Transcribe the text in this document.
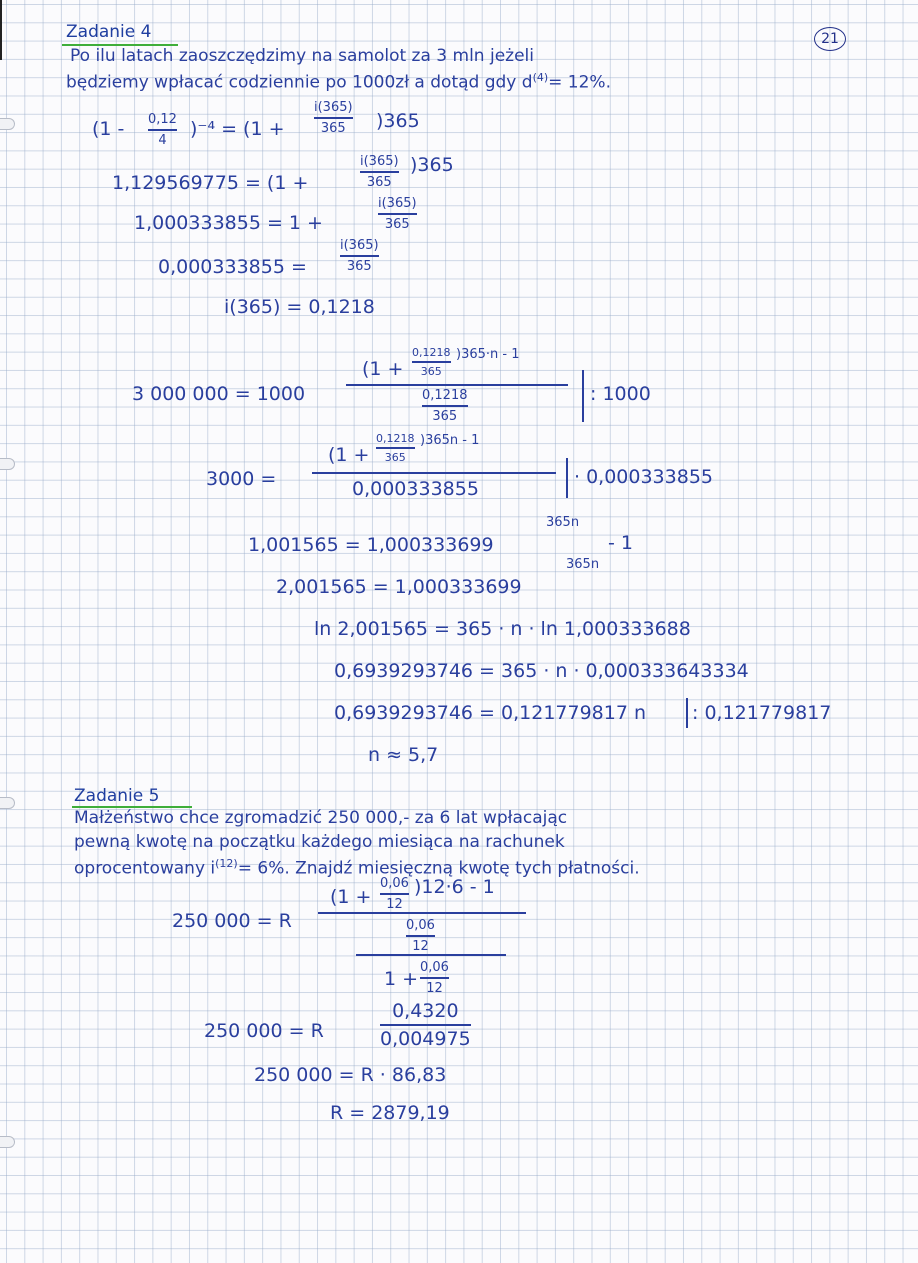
21
Zadanie 4
Po ilu latach zaoszczędzimy na samolot za 3 mln jeżeli
będziemy wpłacać codziennie po 1000zł a dotąd gdy $d^{(4)}= 12\%$.
(1 - 0,12
4 )⁻⁴ = (1 +
i(365)
365 )365
1,129569775 = (1 +
i(365)
365
)365
1,000333855 = 1 +
i(365)
365
0,000333855 =
i(365)
365
i(365) = 0,1218
3 000 000 = 1000
(1 +
0,1218
365
)365·n - 1
0,1218
365
: 1000
3000 =
(1 +
0,1218
365
)365n - 1
0,000333855
· 0,000333855
1,001565 = 1,000333699
365n
- 1
2,001565 = 1,000333699
365n
ln 2,001565 = 365 · n · ln 1,000333688
0,6939293746 = 365 · n · 0,000333643334
0,6939293746 = 0,121779817 n : 0,121779817
n ≈ 5,7
Zadanie 5
Małżeństwo chce zgromadzić 250 000,- za 6 lat wpłacając
pewną kwotę na początku każdego miesiąca na rachunek
oprocentowany $i^{(12)}= 6\%$. Znajdź miesięczną kwotę tych płatności.
250 000 = R
(1 +
0,06
12
)12·6 - 1
0,06
12
1 +
0,06
12
250 000 = R
0,4320
0,004975
250 000 = R · 86,83
R = 2879,19
